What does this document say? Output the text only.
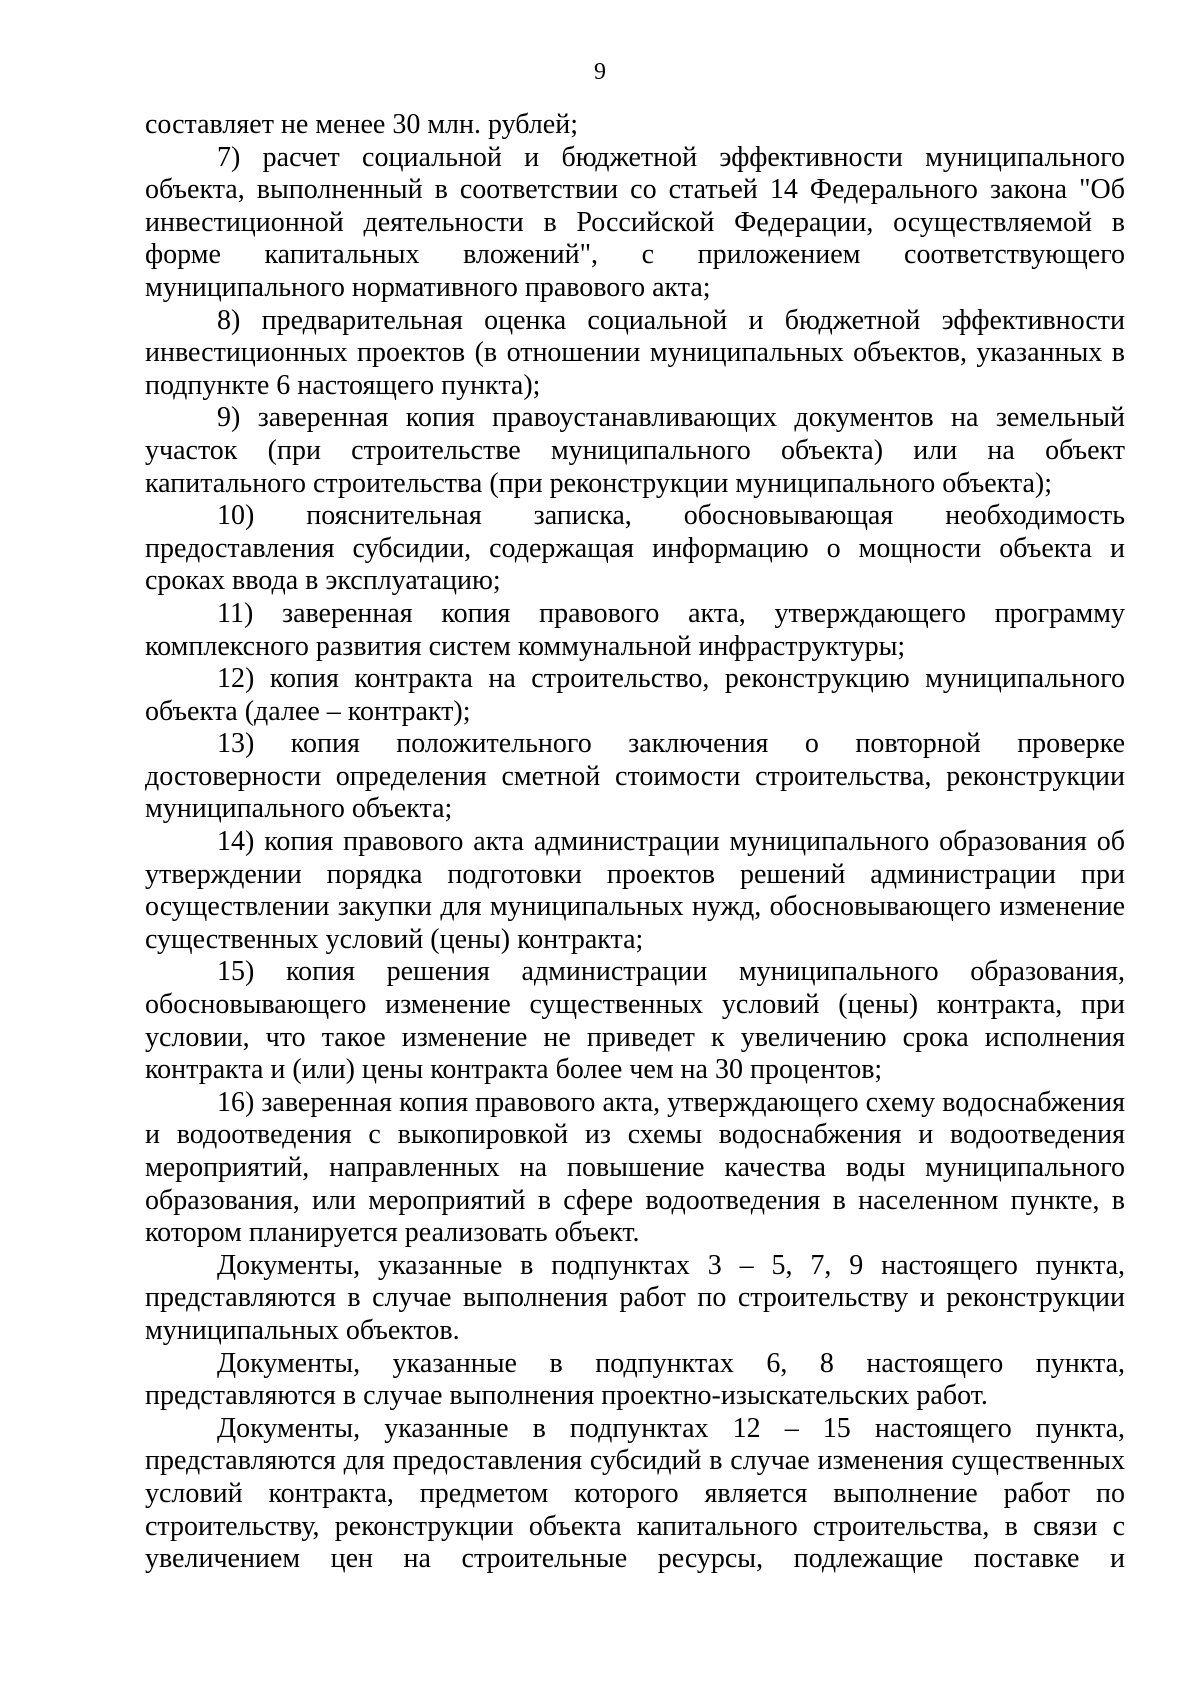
9

составляет не менее 30 млн. рублей;

7) расчет социальной и бюджетной эффективности муниципального объекта, выполненный в соответствии со статьей 14 Федерального закона "Об инвестиционной деятельности в Российской Федерации, осуществляемой в форме капитальных вложений", с приложением соответствующего муниципального нормативного правового акта;

8) предварительная оценка социальной и бюджетной эффективности инвестиционных проектов (в отношении муниципальных объектов, указанных в подпункте 6 настоящего пункта);

9) заверенная копия правоустанавливающих документов на земельный участок (при строительстве муниципального объекта) или на объект капитального строительства (при реконструкции муниципального объекта);

10) пояснительная записка, обосновывающая необходимость предоставления субсидии, содержащая информацию о мощности объекта и сроках ввода в эксплуатацию;

11) заверенная копия правового акта, утверждающего программу комплексного развития систем коммунальной инфраструктуры;

12) копия контракта на строительство, реконструкцию муниципального объекта (далее – контракт);

13) копия положительного заключения о повторной проверке достоверности определения сметной стоимости строительства, реконструкции муниципального объекта;

14) копия правового акта администрации муниципального образования об утверждении порядка подготовки проектов решений администрации при осуществлении закупки для муниципальных нужд, обосновывающего изменение существенных условий (цены) контракта;

15) копия решения администрации муниципального образования, обосновывающего изменение существенных условий (цены) контракта, при условии, что такое изменение не приведет к увеличению срока исполнения контракта и (или) цены контракта более чем на 30 процентов;

16) заверенная копия правового акта, утверждающего схему водоснабжения и водоотведения с выкопировкой из схемы водоснабжения и водоотведения мероприятий, направленных на повышение качества воды муниципального образования, или мероприятий в сфере водоотведения в населенном пункте, в котором планируется реализовать объект.

Документы, указанные в подпунктах 3 – 5, 7, 9 настоящего пункта, представляются в случае выполнения работ по строительству и реконструкции муниципальных объектов.

Документы, указанные в подпунктах 6, 8 настоящего пункта, представляются в случае выполнения проектно-изыскательских работ.

Документы, указанные в подпунктах 12 – 15 настоящего пункта, представляются для предоставления субсидий в случае изменения существенных условий контракта, предметом которого является выполнение работ по строительству, реконструкции объекта капитального строительства, в связи с увеличением цен на строительные ресурсы, подлежащие поставке и
